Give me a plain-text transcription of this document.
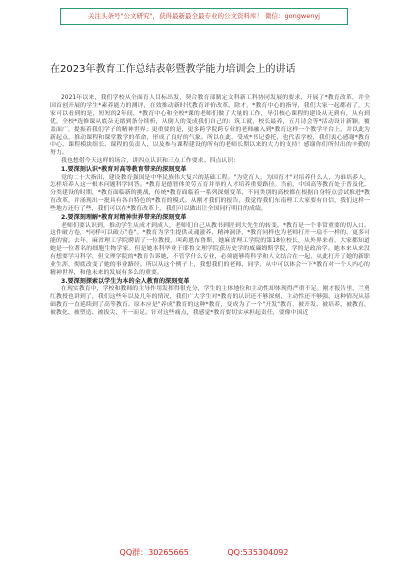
关注头条号"公文研究"，获得最新最全最专业的公文资料库！ 微信：gongwenyj
在2023年教育工作总结表彰暨教学能力培训会上的讲话

2021年以来，我们学校从全面育人目标出发，契合教育部制定文科新工科协同发展的要求，开展了*教育改革，并全国首创开展的学生*素养能力的测评，在效推动新时代教育评价改革。除才，*教育中心的指导，我们大家一起都看了，大家可以看到的是，短短的2年间，*教育中心和全校*课的老师们做了大量的工作，导引核心课程的建设从无到有，从有到优，全校*选修课从底杂无绪到条分续析，从倒人的变成我们自己的：筑工就，校长最养，五月诗会等*活动设计新颖，覆盖面广，提振着我们学子的精神世界；更重要的是，更多跨学院跨专业的老师融入到*教育这样一个教学平台上，并以此为新起点，推动课程和课堂教学的革命，形成了良好的气象。所以在此，受成*书记委托，也代表学校，我们衷心感谢*教育中心、课程模块组长、课程的负责人、以及参与课程建设的所有的老师长期以来的大力的支持！感谢你们所付出的辛勤的努力。

我也想借今天这样的场合，讲四点认识和三点工作要求。四点认识：

1.要深刻认识*教育对高等教育带来的深刻变革

党的二十大指出，建设教育强国是中华民族伟大复兴的基础工程。"为党育人，为国育才"对培养什么人、为谁培养人，怎样培养人这一根本问题科学回答。*教育是德智体美劳五育并举的人才培养重要路径。当前，中国高等教育处于普及化、分类建设的时期，*教育面临新的挑战，传统*教育面临着一系列深刻变革，不同类别的高校都在根据自身特点尝试推进*教育改革，并涌现出一批具有各自特色的*教育的模式。从刚才我们的报告，我觉得我们东南理工大家要有自信，我们这样一些地方还行了些，我们可以在*教育改革上，我们可以做出让全国同行明目的成绩。

2.要深刻理解*教育对精神世界带来的深刻变革

老师们要认识到，推动学生从成才到成人，老师们自己从教书到匠到大先生的转变，*教育是一个非常重要的切入口。这件破方卷，*同样可以破万"卷"。*教育为学生提供灵魂滋养、精神洞泽，*教育同样也为老师打开一扇不一样的、更多可能的窗。去年，麻省理工学院聘请了一位教授，叫莉恩布鲁斯，她麻省理工学院的第18位校长，从外界来看，大家都知道她是一位著名的细胞生物学家。但是她本科毕业于耶鲁文理学院获历史学的威廉姆斯学院，学的是政治学。她本来从来没有想要学习科学，但文理学院的*教育告诉她，不管学什么专业，必须能够将科学和人文结合在一起，从此打开了她的新职业生涯，彻底改变了她的事业路径。所以从这个例子上，我想我们的老师、同学，从中可以体会一下*教育对一个人内心的精神世界，和他未来的发展有多么的重要。

3.要深刻探索以学生为本的全人教育的深刻变革

在现实教育中，学校和教师的主导作用发挥得很充分，学生的主体地位和主动性却体现得严重不足。刚才报告里，兰勇红教授也讲到了，我们这些年以及几年的情况，我们广大学生对*教育的认识还不够深刻，主动性还不够强，这种情况从基础教育一直延续到了高等教育。原本应是"养成"教育的这种*教育，变成为了一个"开发"教育，被开发、被培养、被教育、被教化、被塑造、被拔尖、不一而足。针对这些痛点，我感觉*教育要切实承担起责任，要像中国近

QQ群：30265665	QQ:535304092
